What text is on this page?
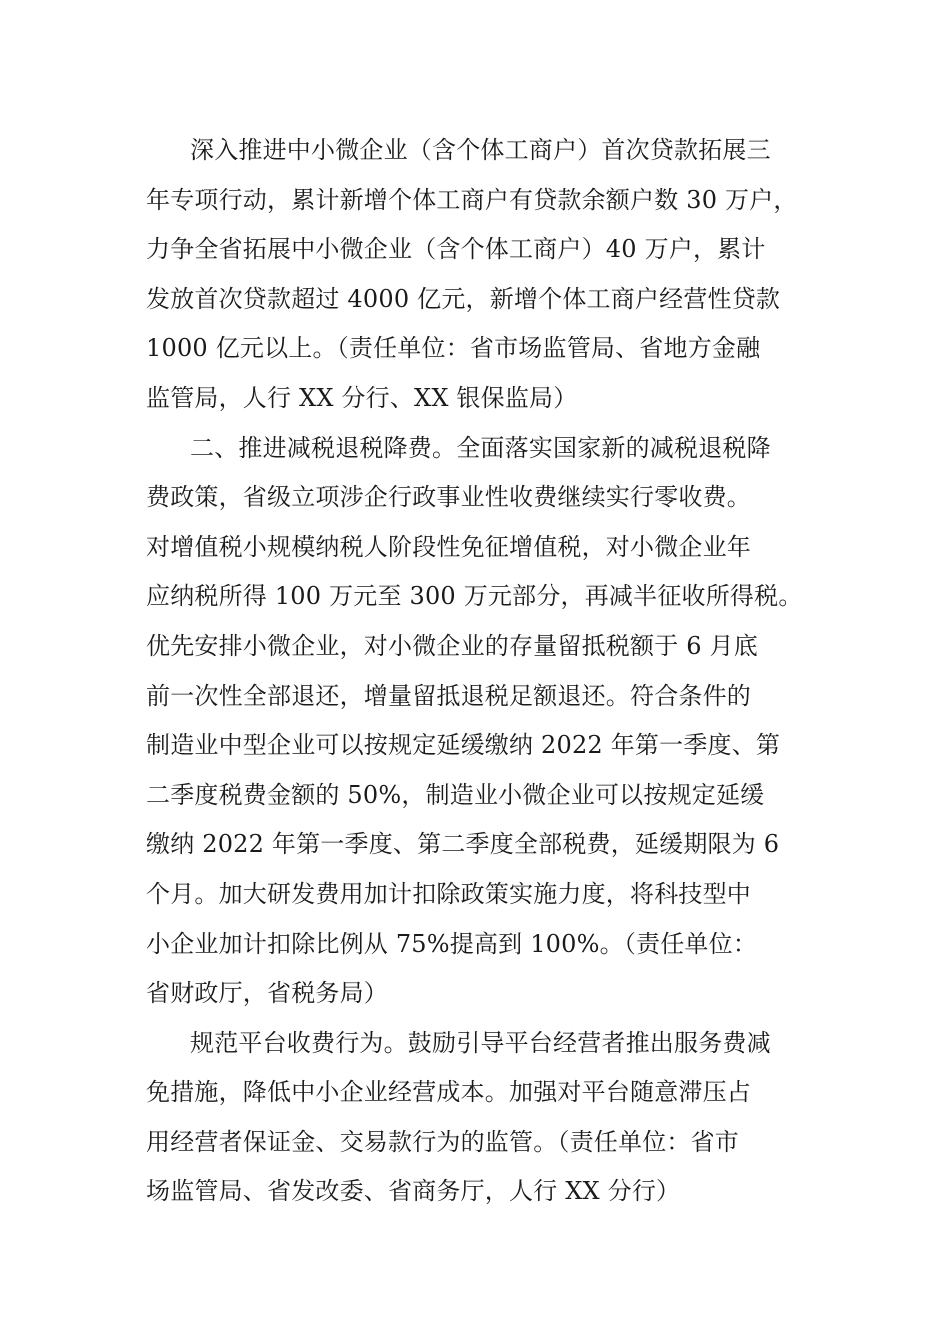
深入推进中小微企业（含个体工商户）首次贷款拓展三
年专项行动，累计新增个体工商户有贷款余额户数 30 万户，
力争全省拓展中小微企业（含个体工商户）40 万户，累计
发放首次贷款超过 4000 亿元，新增个体工商户经营性贷款
1000 亿元以上。（责任单位：省市场监管局、省地方金融
监管局，人行 XX 分行、XX 银保监局）
二、推进减税退税降费。全面落实国家新的减税退税降
费政策，省级立项涉企行政事业性收费继续实行零收费。
对增值税小规模纳税人阶段性免征增值税，对小微企业年
应纳税所得 100 万元至 300 万元部分，再减半征收所得税。
优先安排小微企业，对小微企业的存量留抵税额于 6 月底
前一次性全部退还，增量留抵退税足额退还。符合条件的
制造业中型企业可以按规定延缓缴纳 2022 年第一季度、第
二季度税费金额的 50%，制造业小微企业可以按规定延缓
缴纳 2022 年第一季度、第二季度全部税费，延缓期限为 6
个月。加大研发费用加计扣除政策实施力度，将科技型中
小企业加计扣除比例从 75%提高到 100%。（责任单位：
省财政厅，省税务局）
规范平台收费行为。鼓励引导平台经营者推出服务费减
免措施，降低中小企业经营成本。加强对平台随意滞压占
用经营者保证金、交易款行为的监管。（责任单位：省市
场监管局、省发改委、省商务厅，人行 XX 分行）
